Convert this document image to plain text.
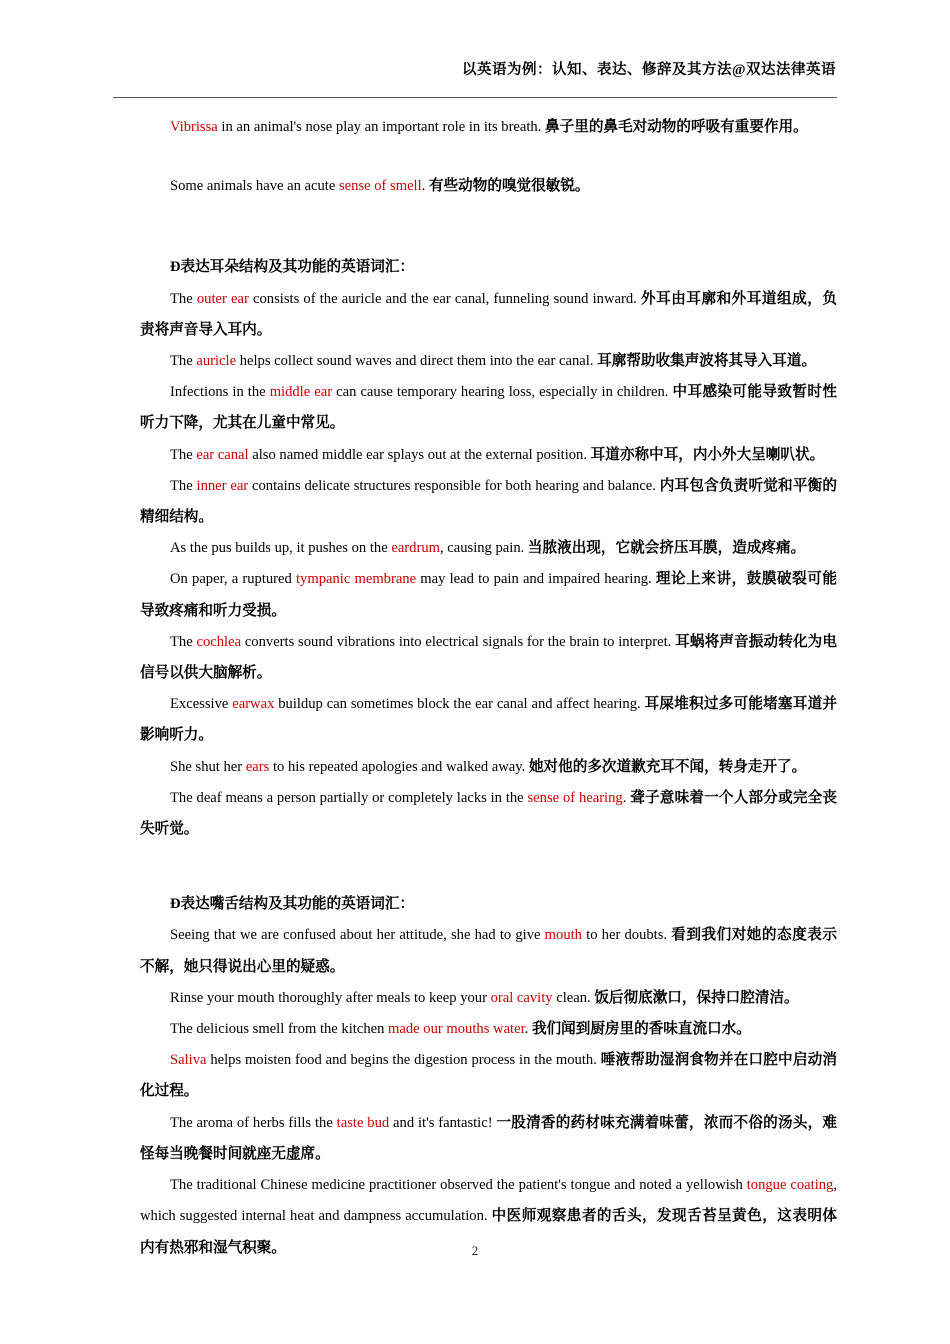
以英语为例：认知、表达、修辞及其方法@双达法律英语

Vibrissa in an animal's nose play an important role in its breath. 鼻子里的鼻毛对动物的呼吸有重要作用。

Some animals have an acute sense of smell. 有些动物的嗅觉很敏锐。

Ð表达耳朵结构及其功能的英语词汇：

The outer ear consists of the auricle and the ear canal, funneling sound inward. 外耳由耳廓和外耳道组成，负责将声音导入耳内。

The auricle helps collect sound waves and direct them into the ear canal. 耳廓帮助收集声波将其导入耳道。

Infections in the middle ear can cause temporary hearing loss, especially in children. 中耳感染可能导致暂时性听力下降，尤其在儿童中常见。

The ear canal also named middle ear splays out at the external position. 耳道亦称中耳，内小外大呈喇叭状。

The inner ear contains delicate structures responsible for both hearing and balance. 内耳包含负责听觉和平衡的精细结构。

As the pus builds up, it pushes on the eardrum, causing pain. 当脓液出现，它就会挤压耳膜，造成疼痛。

On paper, a ruptured tympanic membrane may lead to pain and impaired hearing. 理论上来讲，鼓膜破裂可能导致疼痛和听力受损。

The cochlea converts sound vibrations into electrical signals for the brain to interpret. 耳蜗将声音振动转化为电信号以供大脑解析。

Excessive earwax buildup can sometimes block the ear canal and affect hearing. 耳屎堆积过多可能堵塞耳道并影响听力。

She shut her ears to his repeated apologies and walked away. 她对他的多次道歉充耳不闻，转身走开了。

The deaf means a person partially or completely lacks in the sense of hearing. 聋子意味着一个人部分或完全丧失听觉。

Ð表达嘴舌结构及其功能的英语词汇：

Seeing that we are confused about her attitude, she had to give mouth to her doubts. 看到我们对她的态度表示不解，她只得说出心里的疑惑。

Rinse your mouth thoroughly after meals to keep your oral cavity clean. 饭后彻底漱口，保持口腔清洁。

The delicious smell from the kitchen made our mouths water. 我们闻到厨房里的香味直流口水。

Saliva helps moisten food and begins the digestion process in the mouth. 唾液帮助湿润食物并在口腔中启动消化过程。

The aroma of herbs fills the taste bud and it's fantastic! 一股清香的药材味充满着味蕾，浓而不俗的汤头，难怪每当晚餐时间就座无虚席。

The traditional Chinese medicine practitioner observed the patient's tongue and noted a yellowish tongue coating, which suggested internal heat and dampness accumulation. 中医师观察患者的舌头，发现舌苔呈黄色，这表明体内有热邪和湿气积聚。	2
